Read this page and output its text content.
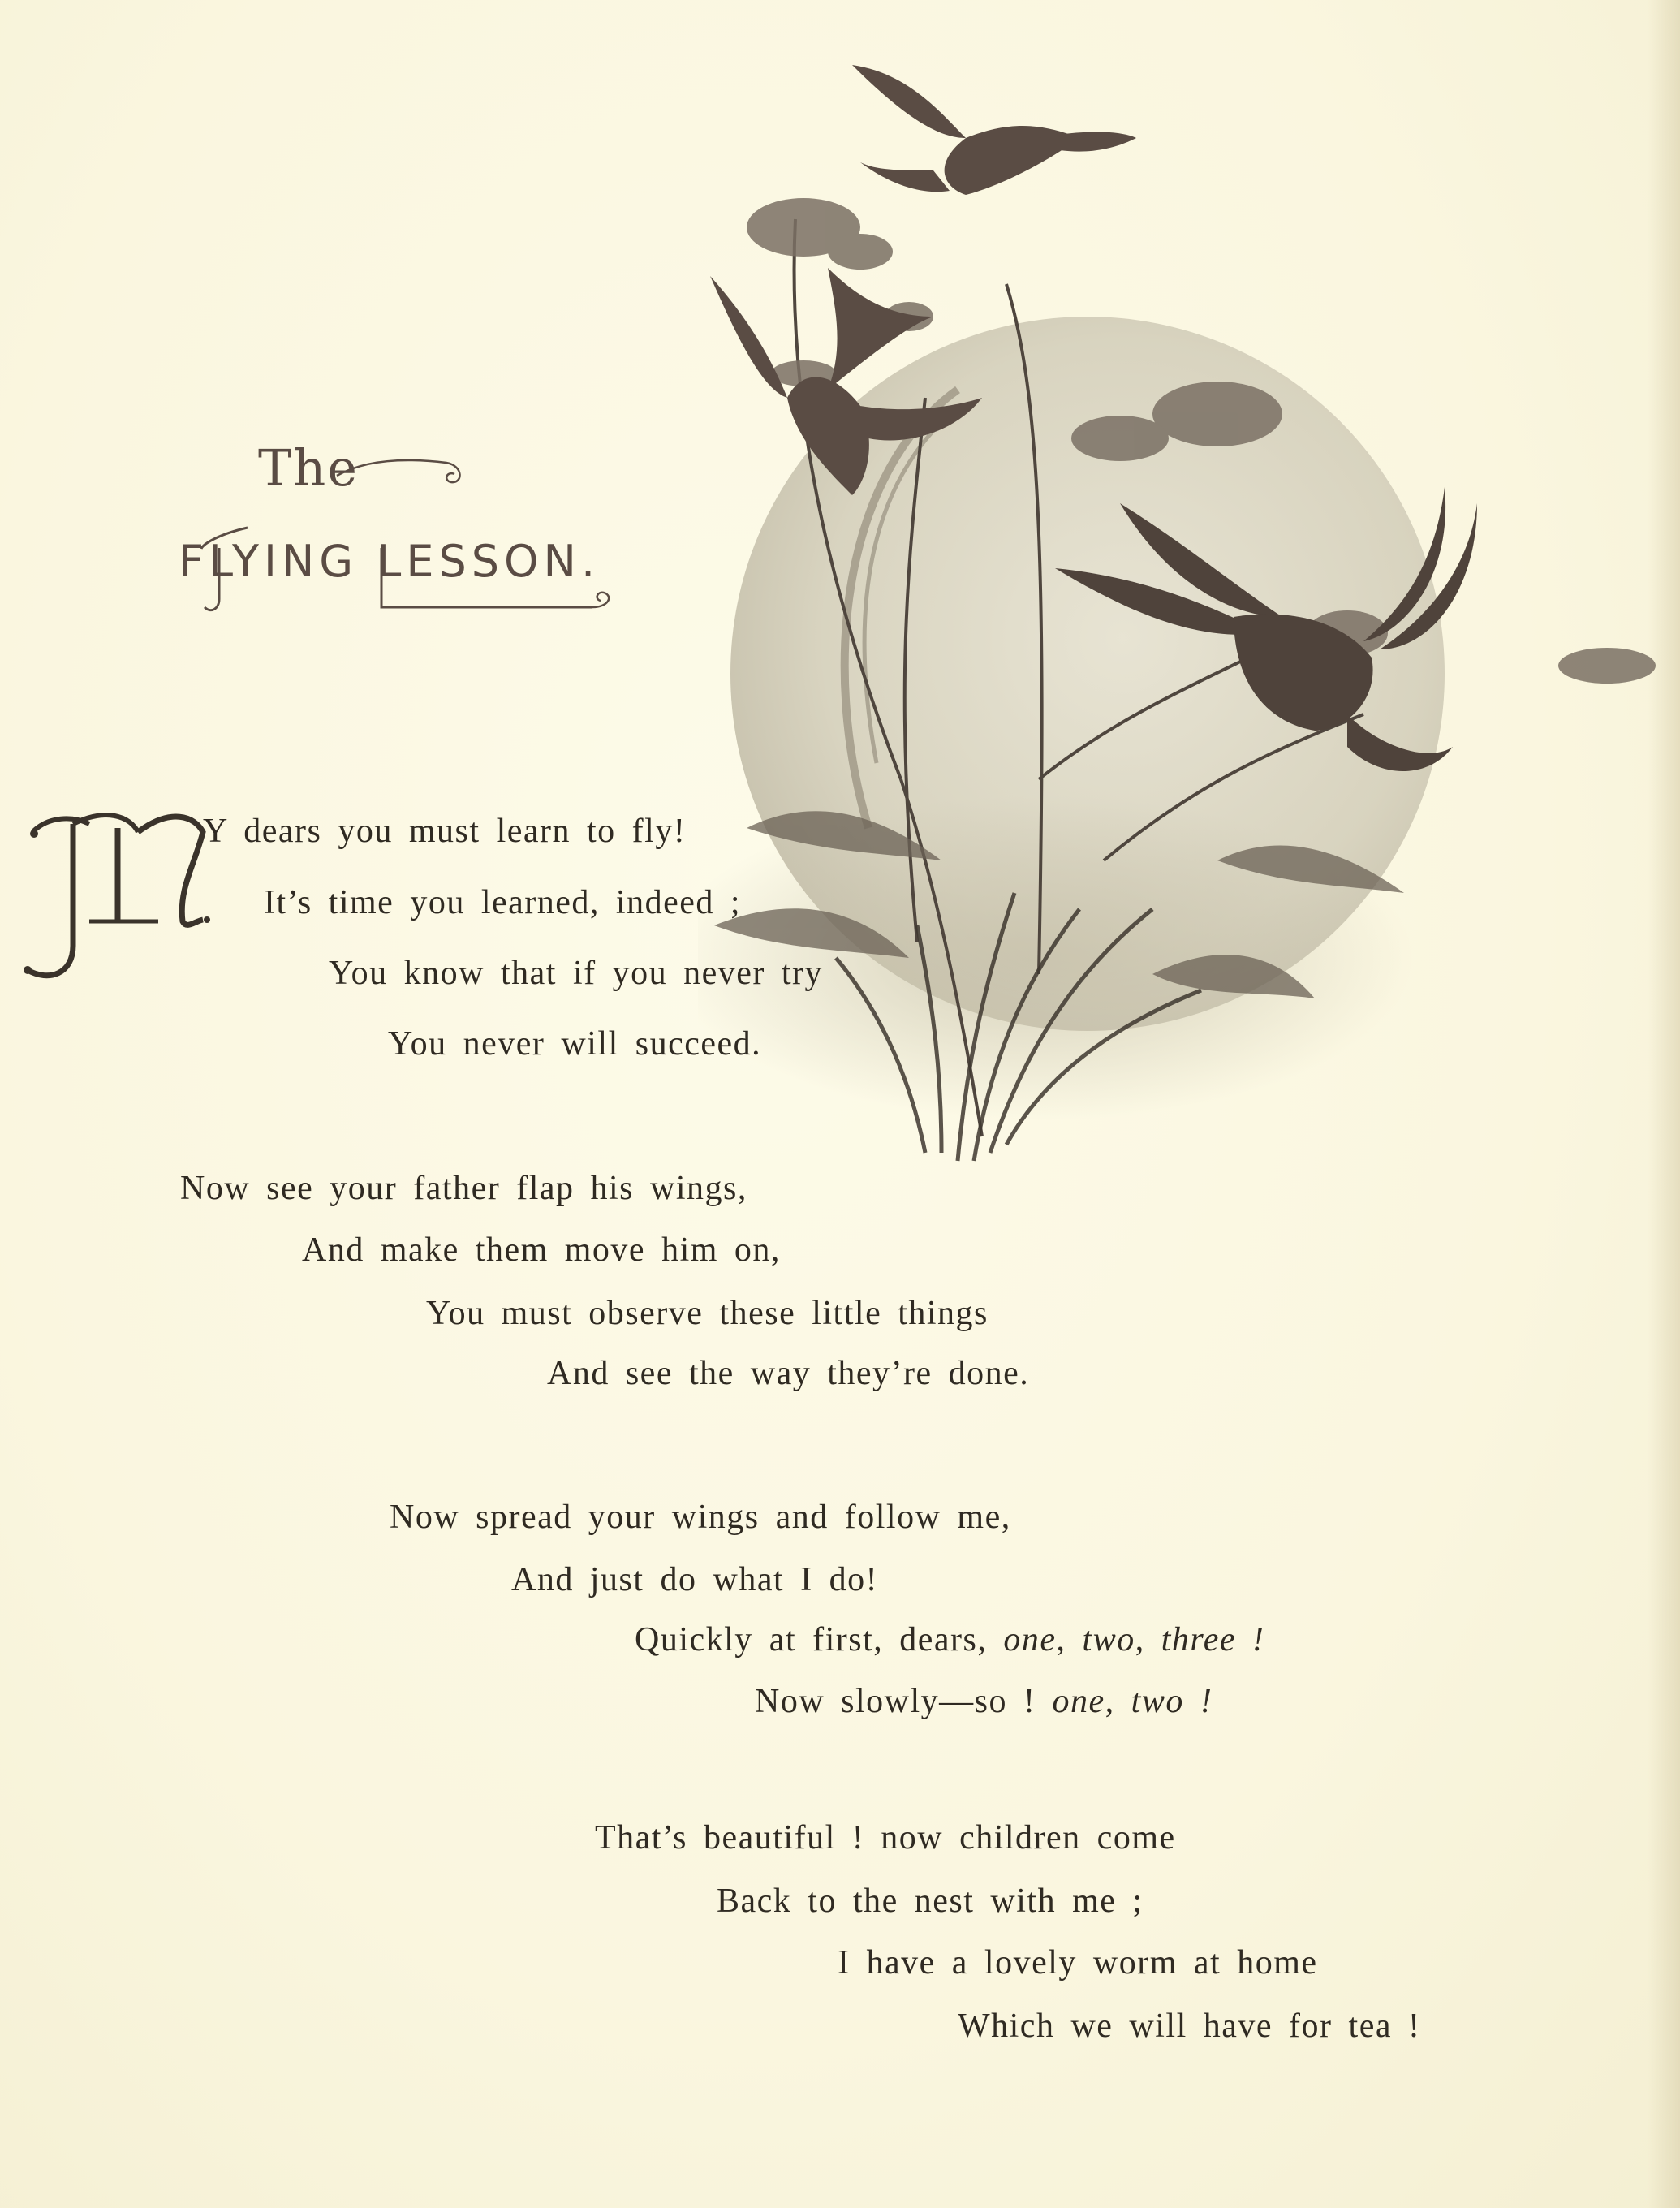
The
FLYING LESSON.
Y dears you must learn to fly!
It’s time you learned, indeed ;
You know that if you never try
You never will succeed.
Now see your father flap his wings,
And make them move him on,
You must observe these little things
And see the way they’re done.
Now spread your wings and follow me,
And just do what I do!
Quickly at first, dears, one, two, three !
Now slowly—so ! one, two !
That’s beautiful ! now children come
Back to the nest with me ;
I have a lovely worm at home
Which we will have for tea !
